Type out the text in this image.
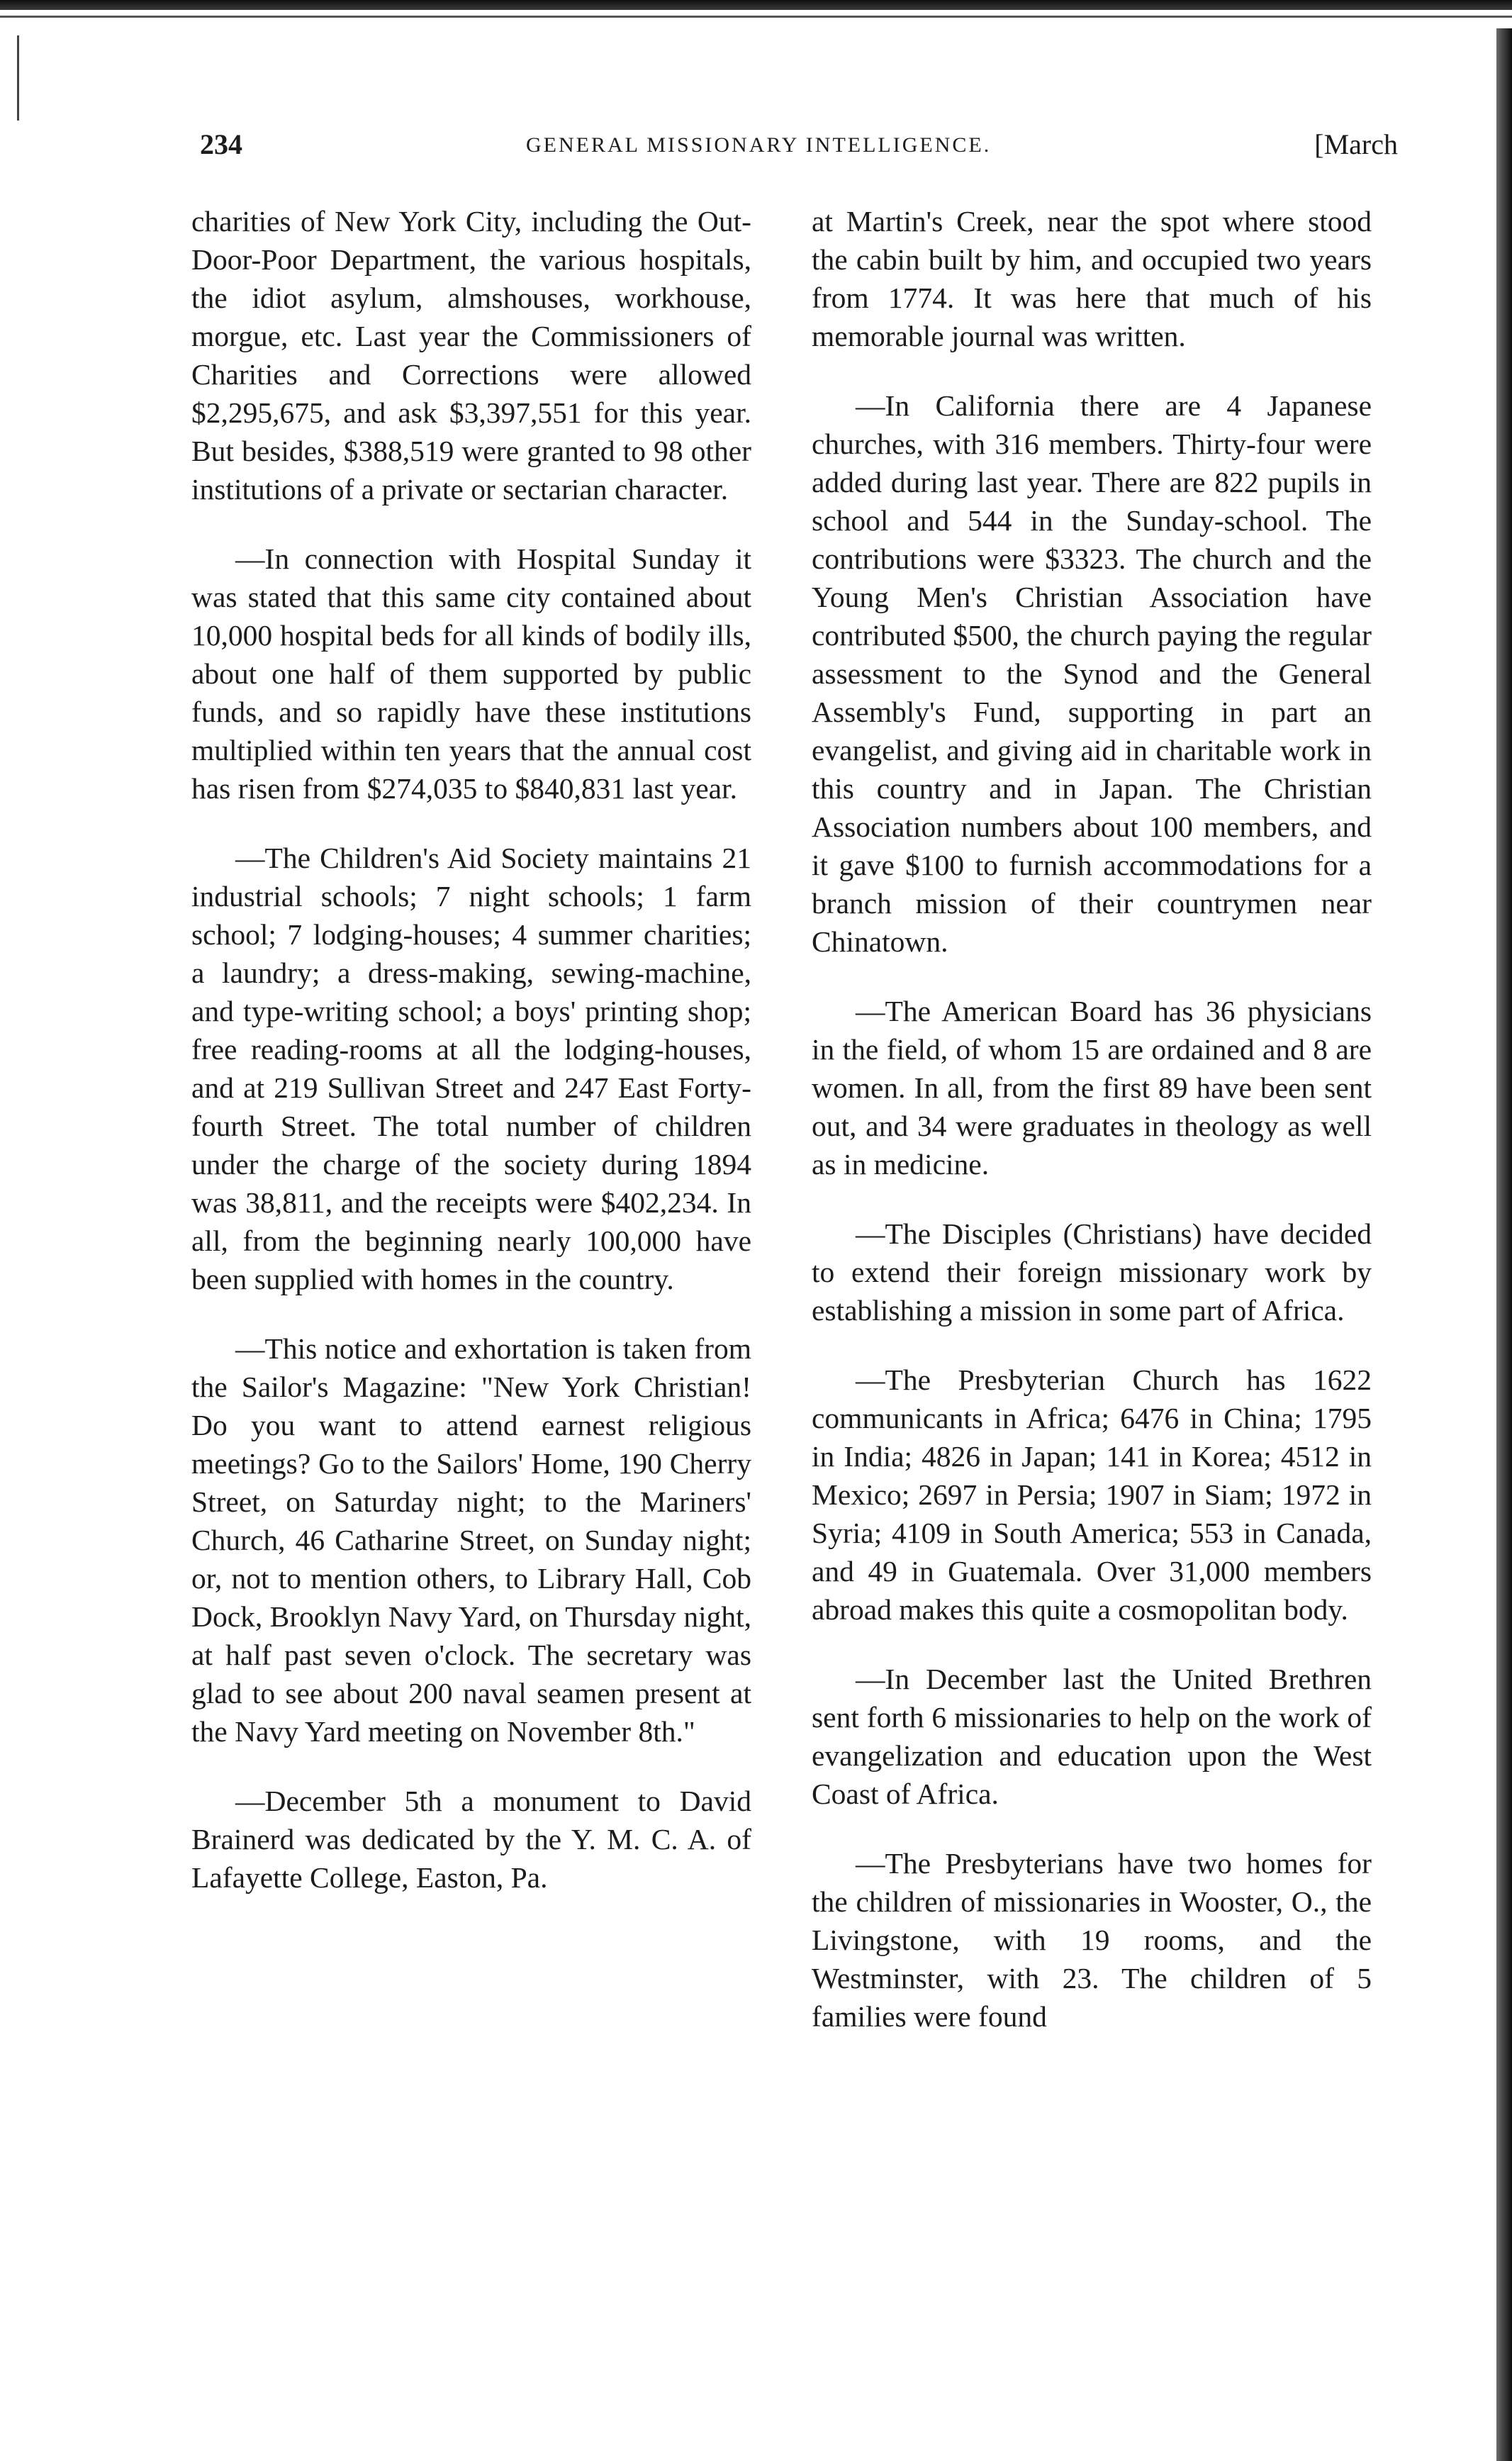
234	GENERAL MISSIONARY INTELLIGENCE.	[March

charities of New York City, including the Out-Door-Poor Department, the various hospitals, the idiot asylum, almshouses, workhouse, morgue, etc. Last year the Commissioners of Charities and Corrections were allowed $2,295,675, and ask $3,397,551 for this year. But besides, $388,519 were granted to 98 other institutions of a private or sectarian character.

—In connection with Hospital Sunday it was stated that this same city contained about 10,000 hospital beds for all kinds of bodily ills, about one half of them supported by public funds, and so rapidly have these institutions multiplied within ten years that the annual cost has risen from $274,035 to $840,831 last year.

—The Children's Aid Society maintains 21 industrial schools; 7 night schools; 1 farm school; 7 lodging-houses; 4 summer charities; a laundry; a dress-making, sewing-machine, and type-writing school; a boys' printing shop; free reading-rooms at all the lodging-houses, and at 219 Sullivan Street and 247 East Forty-fourth Street. The total number of children under the charge of the society during 1894 was 38,811, and the receipts were $402,234. In all, from the beginning nearly 100,000 have been supplied with homes in the country.

—This notice and exhortation is taken from the Sailor's Magazine: "New York Christian! Do you want to attend earnest religious meetings? Go to the Sailors' Home, 190 Cherry Street, on Saturday night; to the Mariners' Church, 46 Catharine Street, on Sunday night; or, not to mention others, to Library Hall, Cob Dock, Brooklyn Navy Yard, on Thursday night, at half past seven o'clock. The secretary was glad to see about 200 naval seamen present at the Navy Yard meeting on November 8th."

—December 5th a monument to David Brainerd was dedicated by the Y. M. C. A. of Lafayette College, Easton, Pa.

at Martin's Creek, near the spot where stood the cabin built by him, and occupied two years from 1774. It was here that much of his memorable journal was written.

—In California there are 4 Japanese churches, with 316 members. Thirty-four were added during last year. There are 822 pupils in school and 544 in the Sunday-school. The contributions were $3323. The church and the Young Men's Christian Association have contributed $500, the church paying the regular assessment to the Synod and the General Assembly's Fund, supporting in part an evangelist, and giving aid in charitable work in this country and in Japan. The Christian Association numbers about 100 members, and it gave $100 to furnish accommodations for a branch mission of their countrymen near Chinatown.

—The American Board has 36 physicians in the field, of whom 15 are ordained and 8 are women. In all, from the first 89 have been sent out, and 34 were graduates in theology as well as in medicine.

—The Disciples (Christians) have decided to extend their foreign missionary work by establishing a mission in some part of Africa.

—The Presbyterian Church has 1622 communicants in Africa; 6476 in China; 1795 in India; 4826 in Japan; 141 in Korea; 4512 in Mexico; 2697 in Persia; 1907 in Siam; 1972 in Syria; 4109 in South America; 553 in Canada, and 49 in Guatemala. Over 31,000 members abroad makes this quite a cosmopolitan body.

—In December last the United Brethren sent forth 6 missionaries to help on the work of evangelization and education upon the West Coast of Africa.

—The Presbyterians have two homes for the children of missionaries in Wooster, O., the Livingstone, with 19 rooms, and the Westminster, with 23. The children of 5 families were found
